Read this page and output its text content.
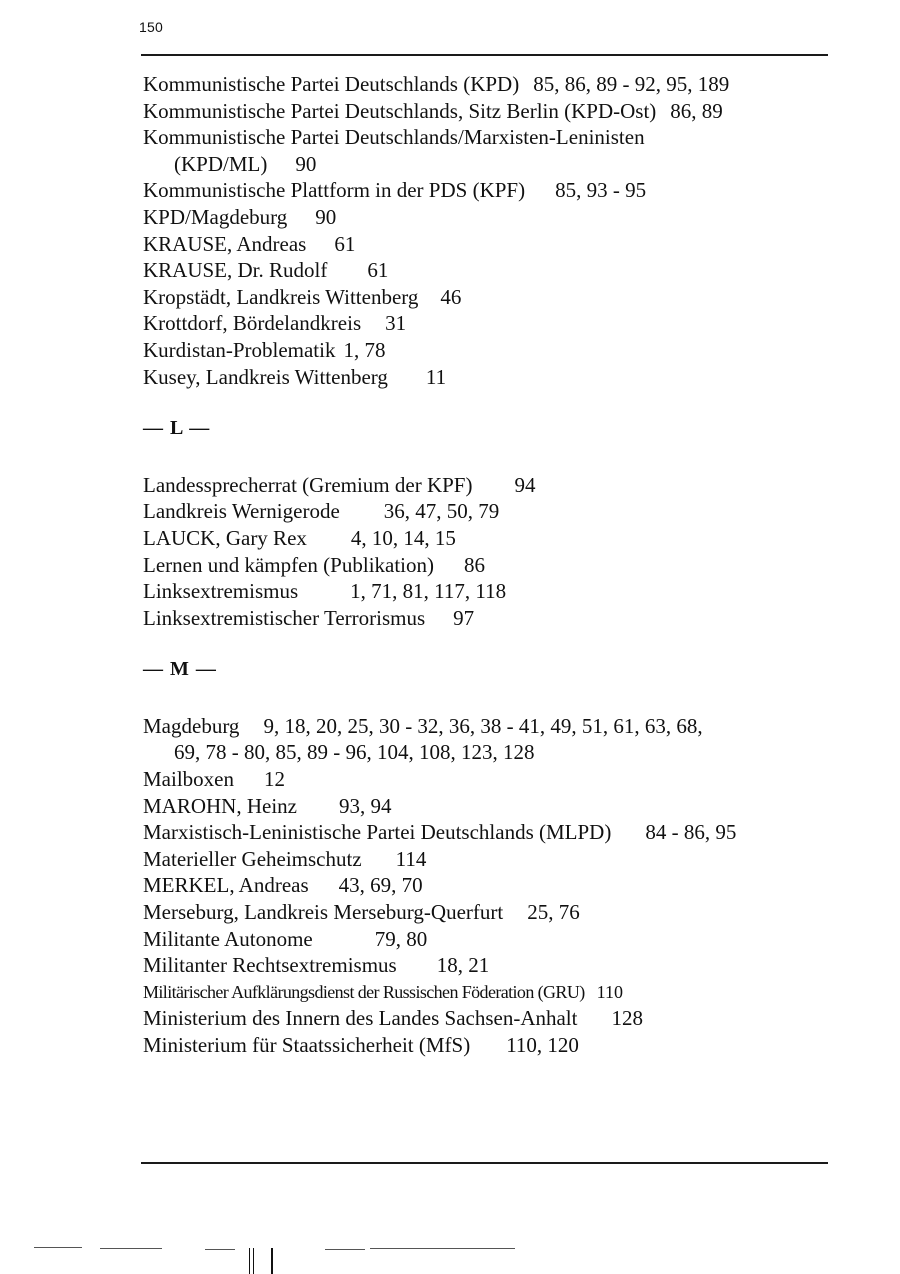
150
Kommunistische Partei Deutschlands (KPD) 85, 86, 89 - 92, 95, 189
Kommunistische Partei Deutschlands, Sitz Berlin (KPD-Ost) 86, 89
Kommunistische Partei Deutschlands/Marxisten-Leninisten
(KPD/ML) 90
Kommunistische Plattform in der PDS (KPF) 85, 93 - 95
KPD/Magdeburg 90
KRAUSE, Andreas 61
KRAUSE, Dr. Rudolf 61
Kropstädt, Landkreis Wittenberg 46
Krottdorf, Bördelandkreis 31
Kurdistan-Problematik 1, 78
Kusey, Landkreis Wittenberg 11
— L —
Landessprecherrat (Gremium der KPF) 94
Landkreis Wernigerode 36, 47, 50, 79
LAUCK, Gary Rex 4, 10, 14, 15
Lernen und kämpfen (Publikation) 86
Linksextremismus 1, 71, 81, 117, 118
Linksextremistischer Terrorismus 97
— M —
Magdeburg 9, 18, 20, 25, 30 - 32, 36, 38 - 41, 49, 51, 61, 63, 68,
69, 78 - 80, 85, 89 - 96, 104, 108, 123, 128
Mailboxen 12
MAROHN, Heinz 93, 94
Marxistisch-Leninistische Partei Deutschlands (MLPD) 84 - 86, 95
Materieller Geheimschutz 114
MERKEL, Andreas 43, 69, 70
Merseburg, Landkreis Merseburg-Querfurt 25, 76
Militante Autonome	79, 80
Militanter Rechtsextremismus 18, 21
Militärischer Aufklärungsdienst der Russischen Föderation (GRU) 110
Ministerium des Innern des Landes Sachsen-Anhalt 128
Ministerium für Staatssicherheit (MfS) 110, 120
